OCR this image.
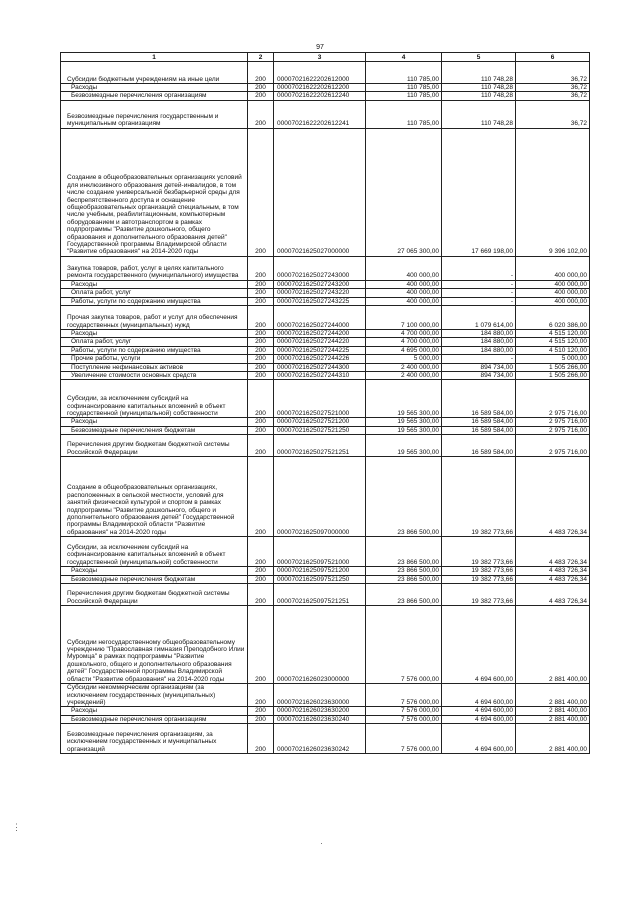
97
1	2	3	4	5	6
Субсидии бюджетным учреждениям на иные цели	200	00007021622202612000	110 785,00	110 748,28	36,72
Расходы	200	00007021622202612200	110 785,00	110 748,28	36,72
Безвозмездные перечисления организациям	200	00007021622202612240	110 785,00	110 748,28	36,72
Безвозмездные перечисления государственным и муниципальным организациям	200	00007021622202612241	110 785,00	110 748,28	36,72
Создание в общеобразовательных организациях условий для инклюзивного образования детей-инвалидов, в том числе создание универсальной безбарьерной среды для беспрепятственного доступа и оснащение общеобразовательных организаций специальным, в том числе учебным, реабилитационным, компьютерным оборудованием и автотранспортом в рамках подпрограммы "Развитие дошкольного, общего образования и дополнительного образования детей" Государственной программы Владимирской области "Развитие образования" на 2014-2020 годы	200	00007021625027000000	27 065 300,00	17 669 198,00	9 396 102,00
Закупка товаров, работ, услуг в целях капитального ремонта государственного (муниципального) имущества	200	00007021625027243000	400 000,00	-	400 000,00
Расходы	200	00007021625027243200	400 000,00	-	400 000,00
Оплата работ, услуг	200	00007021625027243220	400 000,00	-	400 000,00
Работы, услуги по содержанию имущества	200	00007021625027243225	400 000,00	-	400 000,00
Прочая закупка товаров, работ и услуг для обеспечения государственных (муниципальных) нужд	200	00007021625027244000	7 100 000,00	1 079 614,00	6 020 386,00
Расходы	200	00007021625027244200	4 700 000,00	184 880,00	4 515 120,00
Оплата работ, услуг	200	00007021625027244220	4 700 000,00	184 880,00	4 515 120,00
Работы, услуги по содержанию имущества	200	00007021625027244225	4 695 000,00	184 880,00	4 510 120,00
Прочие работы, услуги	200	00007021625027244226	5 000,00	-	5 000,00
Поступление нефинансовых активов	200	00007021625027244300	2 400 000,00	894 734,00	1 505 266,00
Увеличение стоимости основных средств	200	00007021625027244310	2 400 000,00	894 734,00	1 505 266,00
Субсидии, за исключением субсидий на софинансирование капитальных вложений в объект государственной (муниципальной) собственности	200	00007021625027521000	19 565 300,00	16 589 584,00	2 975 716,00
Расходы	200	00007021625027521200	19 565 300,00	16 589 584,00	2 975 716,00
Безвозмездные перечисления бюджетам	200	00007021625027521250	19 565 300,00	16 589 584,00	2 975 716,00
Перечисления другим бюджетам бюджетной системы Российской Федерации	200	00007021625027521251	19 565 300,00	16 589 584,00	2 975 716,00
Создание в общеобразовательных организациях, расположенных в сельской местности, условий для занятий физической культурой и спортом в рамках подпрограммы "Развитие дошкольного, общего и дополнительного образования детей" Государственной программы Владимирской области "Развитие образования" на 2014-2020 годы	200	00007021625097000000	23 866 500,00	19 382 773,66	4 483 726,34
Субсидии, за исключением субсидий на софинансирование капитальных вложений в объект государственной (муниципальной) собственности	200	00007021625097521000	23 866 500,00	19 382 773,66	4 483 726,34
Расходы	200	00007021625097521200	23 866 500,00	19 382 773,66	4 483 726,34
Безвозмездные перечисления бюджетам	200	00007021625097521250	23 866 500,00	19 382 773,66	4 483 726,34
Перечисления другим бюджетам бюджетной системы Российской Федерации	200	00007021625097521251	23 866 500,00	19 382 773,66	4 483 726,34
Субсидии негосударственному общеобразовательному учреждению "Православная гимназия Преподобного Илии Муромца" в рамках подпрограммы "Развитие дошкольного, общего и дополнительного образования детей" Государственной программы Владимирской области "Развитие образования" на 2014-2020 годы	200	00007021626023000000	7 576 000,00	4 694 600,00	2 881 400,00
Субсидии некоммерческим организациям (за исключением государственных (муниципальных) учреждений)	200	00007021626023630000	7 576 000,00	4 694 600,00	2 881 400,00
Расходы	200	00007021626023630200	7 576 000,00	4 694 600,00	2 881 400,00
Безвозмездные перечисления организациям	200	00007021626023630240	7 576 000,00	4 694 600,00	2 881 400,00
Безвозмездные перечисления организациям, за исключением государственных и муниципальных организаций	200	00007021626023630242	7 576 000,00	4 694 600,00	2 881 400,00
⋮
·
